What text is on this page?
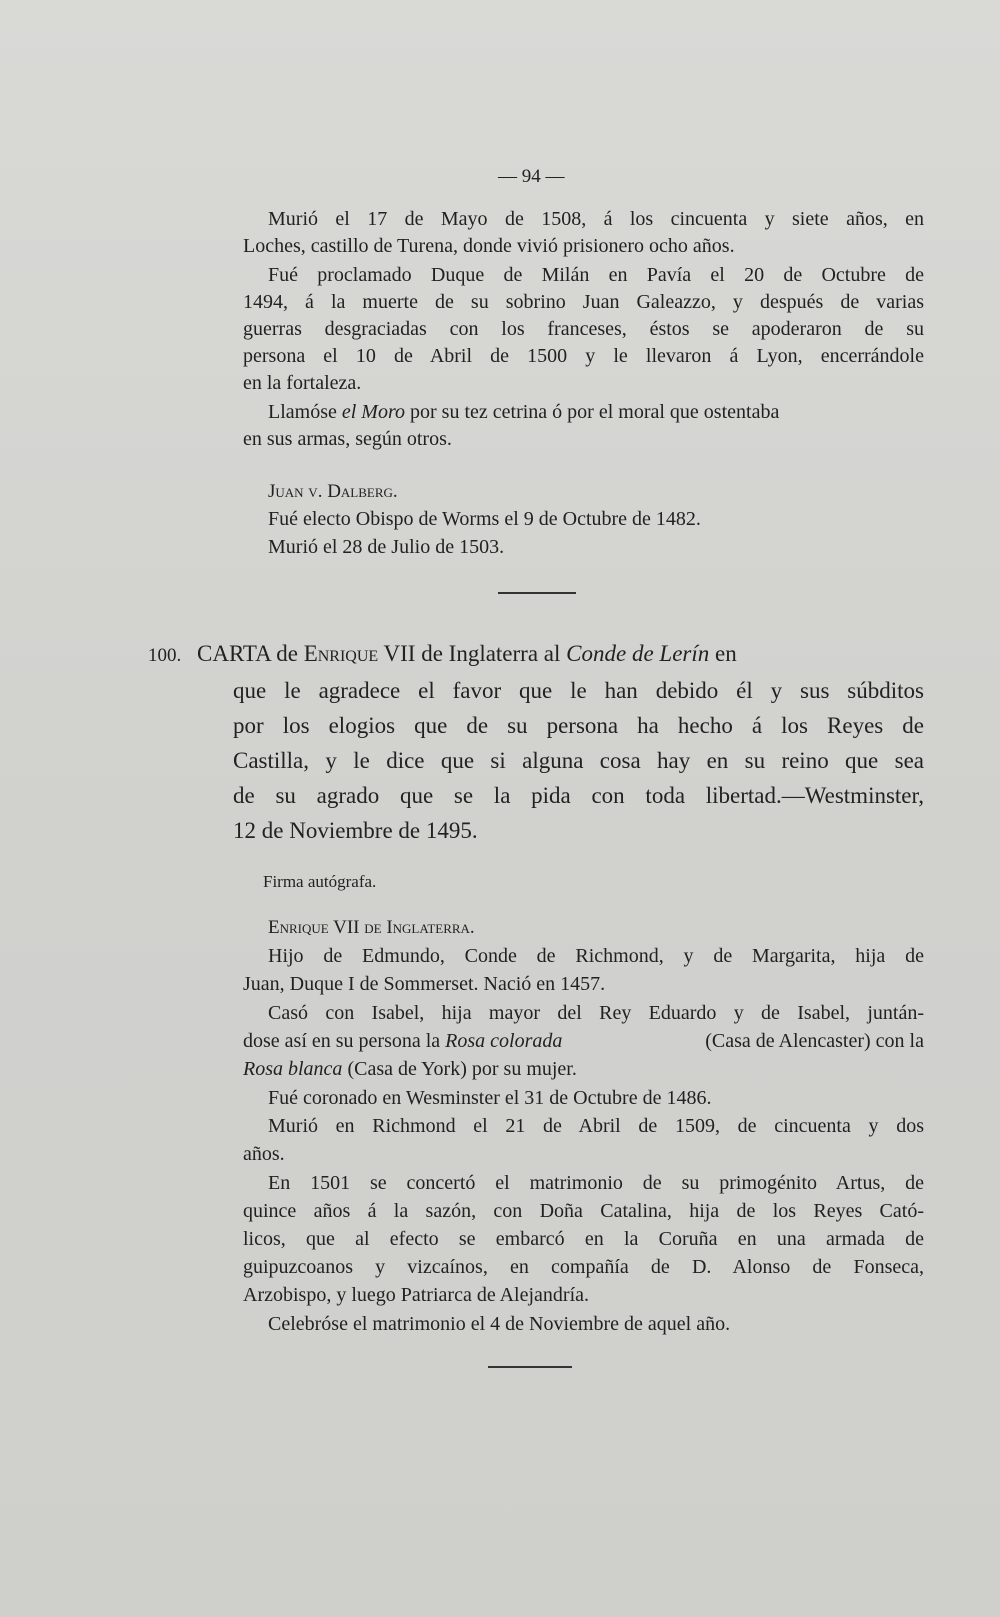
— 94 —
Murió el 17 de Mayo de 1508, á los cincuenta y siete años, en
Loches, castillo de Turena, donde vivió prisionero ocho años.
Fué proclamado Duque de Milán en Pavía el 20 de Octubre de
1494, á la muerte de su sobrino Juan Galeazzo, y después de varias
guerras desgraciadas con los franceses, éstos se apoderaron de su
persona el 10 de Abril de 1500 y le llevaron á Lyon, encerrándole
en la fortaleza.
Llamóse el Moro por su tez cetrina ó por el moral que ostentaba
en sus armas, según otros.
Juan v. Dalberg.
Fué electo Obispo de Worms el 9 de Octubre de 1482.
Murió el 28 de Julio de 1503.
100. CARTA de Enrique VII de Inglaterra al Conde de Lerín en
que le agradece el favor que le han debido él y sus súbditos
por los elogios que de su persona ha hecho á los Reyes de
Castilla, y le dice que si alguna cosa hay en su reino que sea
de su agrado que se la pida con toda libertad.—Westminster,
12 de Noviembre de 1495.
Firma autógrafa.
Enrique VII de Inglaterra.
Hijo de Edmundo, Conde de Richmond, y de Margarita, hija de
Juan, Duque I de Sommerset. Nació en 1457.
Casó con Isabel, hija mayor del Rey Eduardo y de Isabel, juntán-
dose así en su persona la Rosa colorada	(Casa de Alencaster) con la
Rosa blanca (Casa de York) por su mujer.
Fué coronado en Wesminster el 31 de Octubre de 1486.
Murió en Richmond el 21 de Abril de 1509, de cincuenta y dos
años.
En 1501 se concertó el matrimonio de su primogénito Artus, de
quince años á la sazón, con Doña Catalina, hija de los Reyes Cató-
licos, que al efecto se embarcó en la Coruña en una armada de
guipuzcoanos y vizcaínos, en compañía de D. Alonso de Fonseca,
Arzobispo, y luego Patriarca de Alejandría.
Celebróse el matrimonio el 4 de Noviembre de aquel año.
